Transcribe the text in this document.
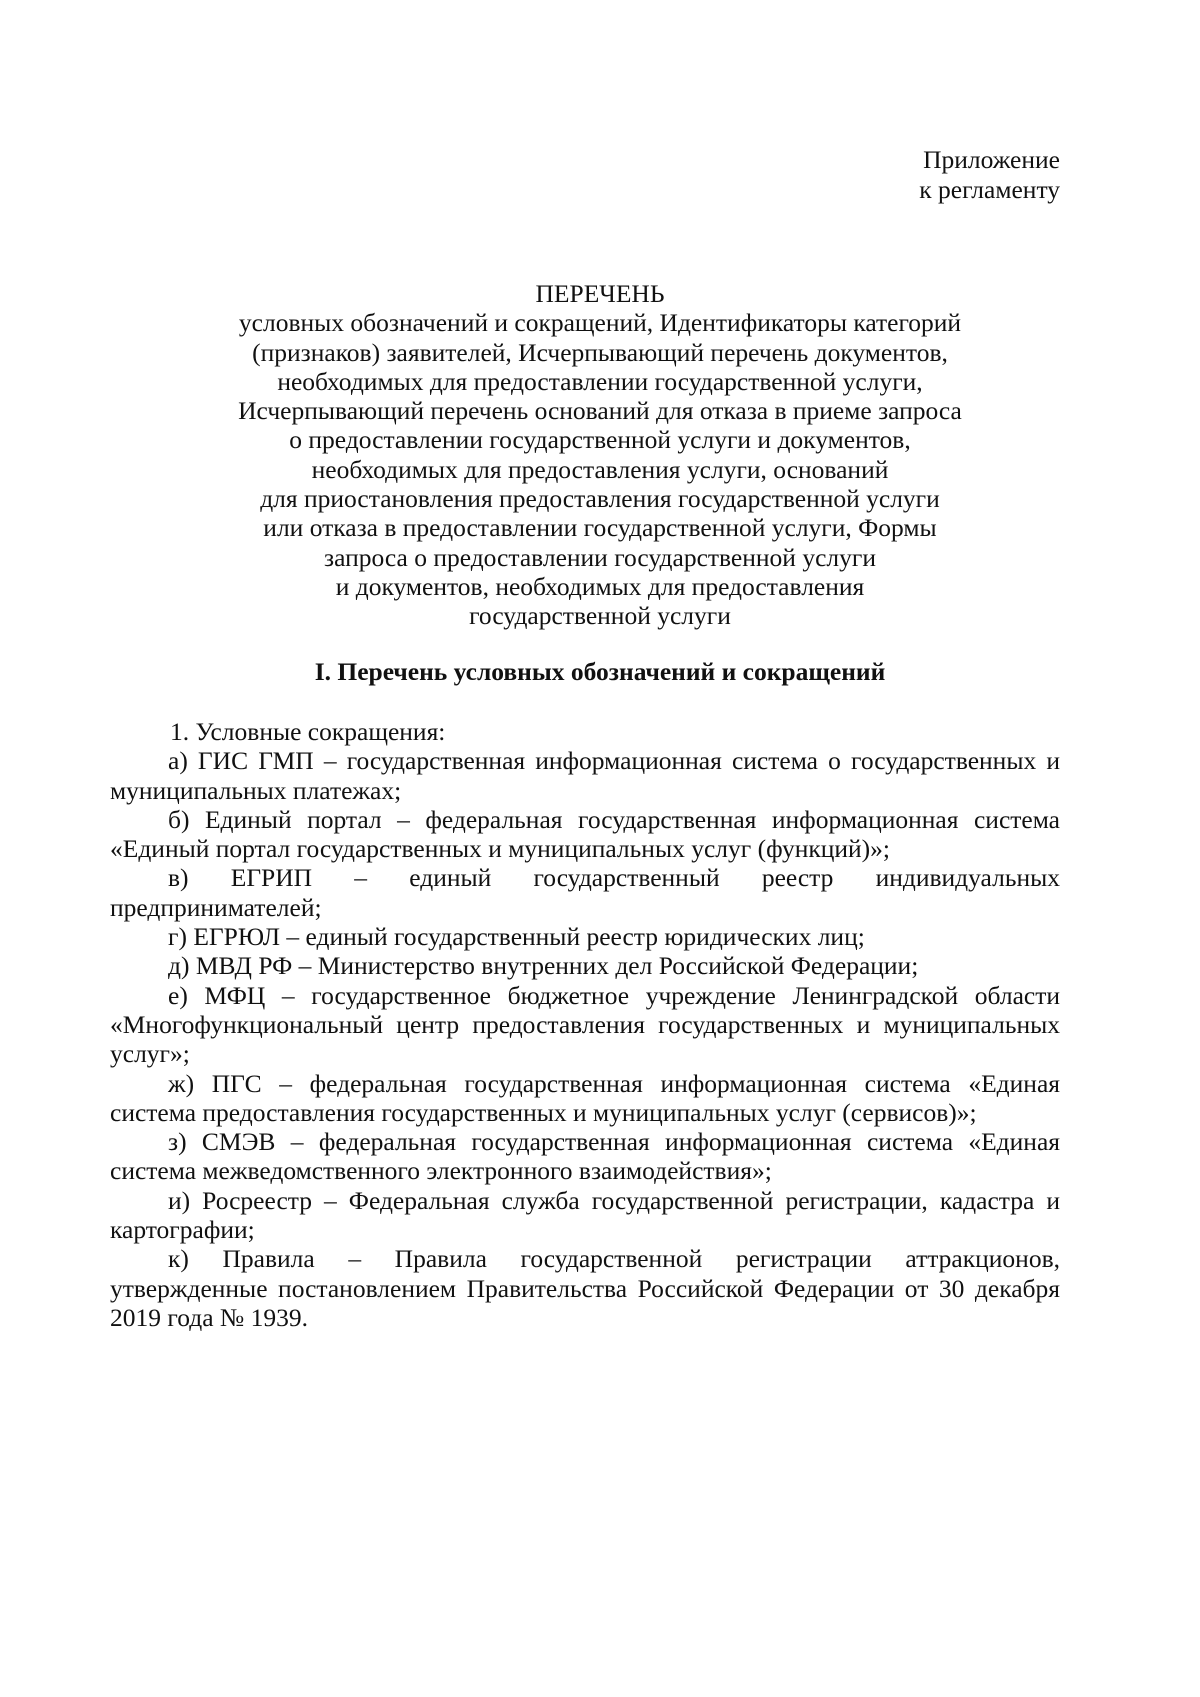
Приложение
к регламенту
ПЕРЕЧЕНЬ
условных обозначений и сокращений, Идентификаторы категорий
(признаков) заявителей, Исчерпывающий перечень документов,
необходимых для предоставлении государственной услуги,
Исчерпывающий перечень оснований для отказа в приеме запроса
о предоставлении государственной услуги и документов,
необходимых для предоставления услуги, оснований
для приостановления предоставления государственной услуги
или отказа в предоставлении государственной услуги, Формы
запроса о предоставлении государственной услуги
и документов, необходимых для предоставления
государственной услуги
I. Перечень условных обозначений и сокращений

1. Условные сокращения:

а) ГИС ГМП – государственная информационная система о государственных и муниципальных платежах;

б) Единый портал – федеральная государственная информационная система «Единый портал государственных и муниципальных услуг (функций)»;

в) ЕГРИП – единый государственный реестр индивидуальных предпринимателей;

г) ЕГРЮЛ – единый государственный реестр юридических лиц;

д) МВД РФ – Министерство внутренних дел Российской Федерации;

е) МФЦ – государственное бюджетное учреждение Ленинградской области «Многофункциональный центр предоставления государственных и муниципальных услуг»;

ж) ПГС – федеральная государственная информационная система «Единая система предоставления государственных и муниципальных услуг (сервисов)»;

з) СМЭВ – федеральная государственная информационная система «Единая система межведомственного электронного взаимодействия»;

и) Росреестр – Федеральная служба государственной регистрации, кадастра и картографии;

к) Правила – Правила государственной регистрации аттракционов, утвержденные постановлением Правительства Российской Федерации от 30 декабря 2019 года № 1939.
